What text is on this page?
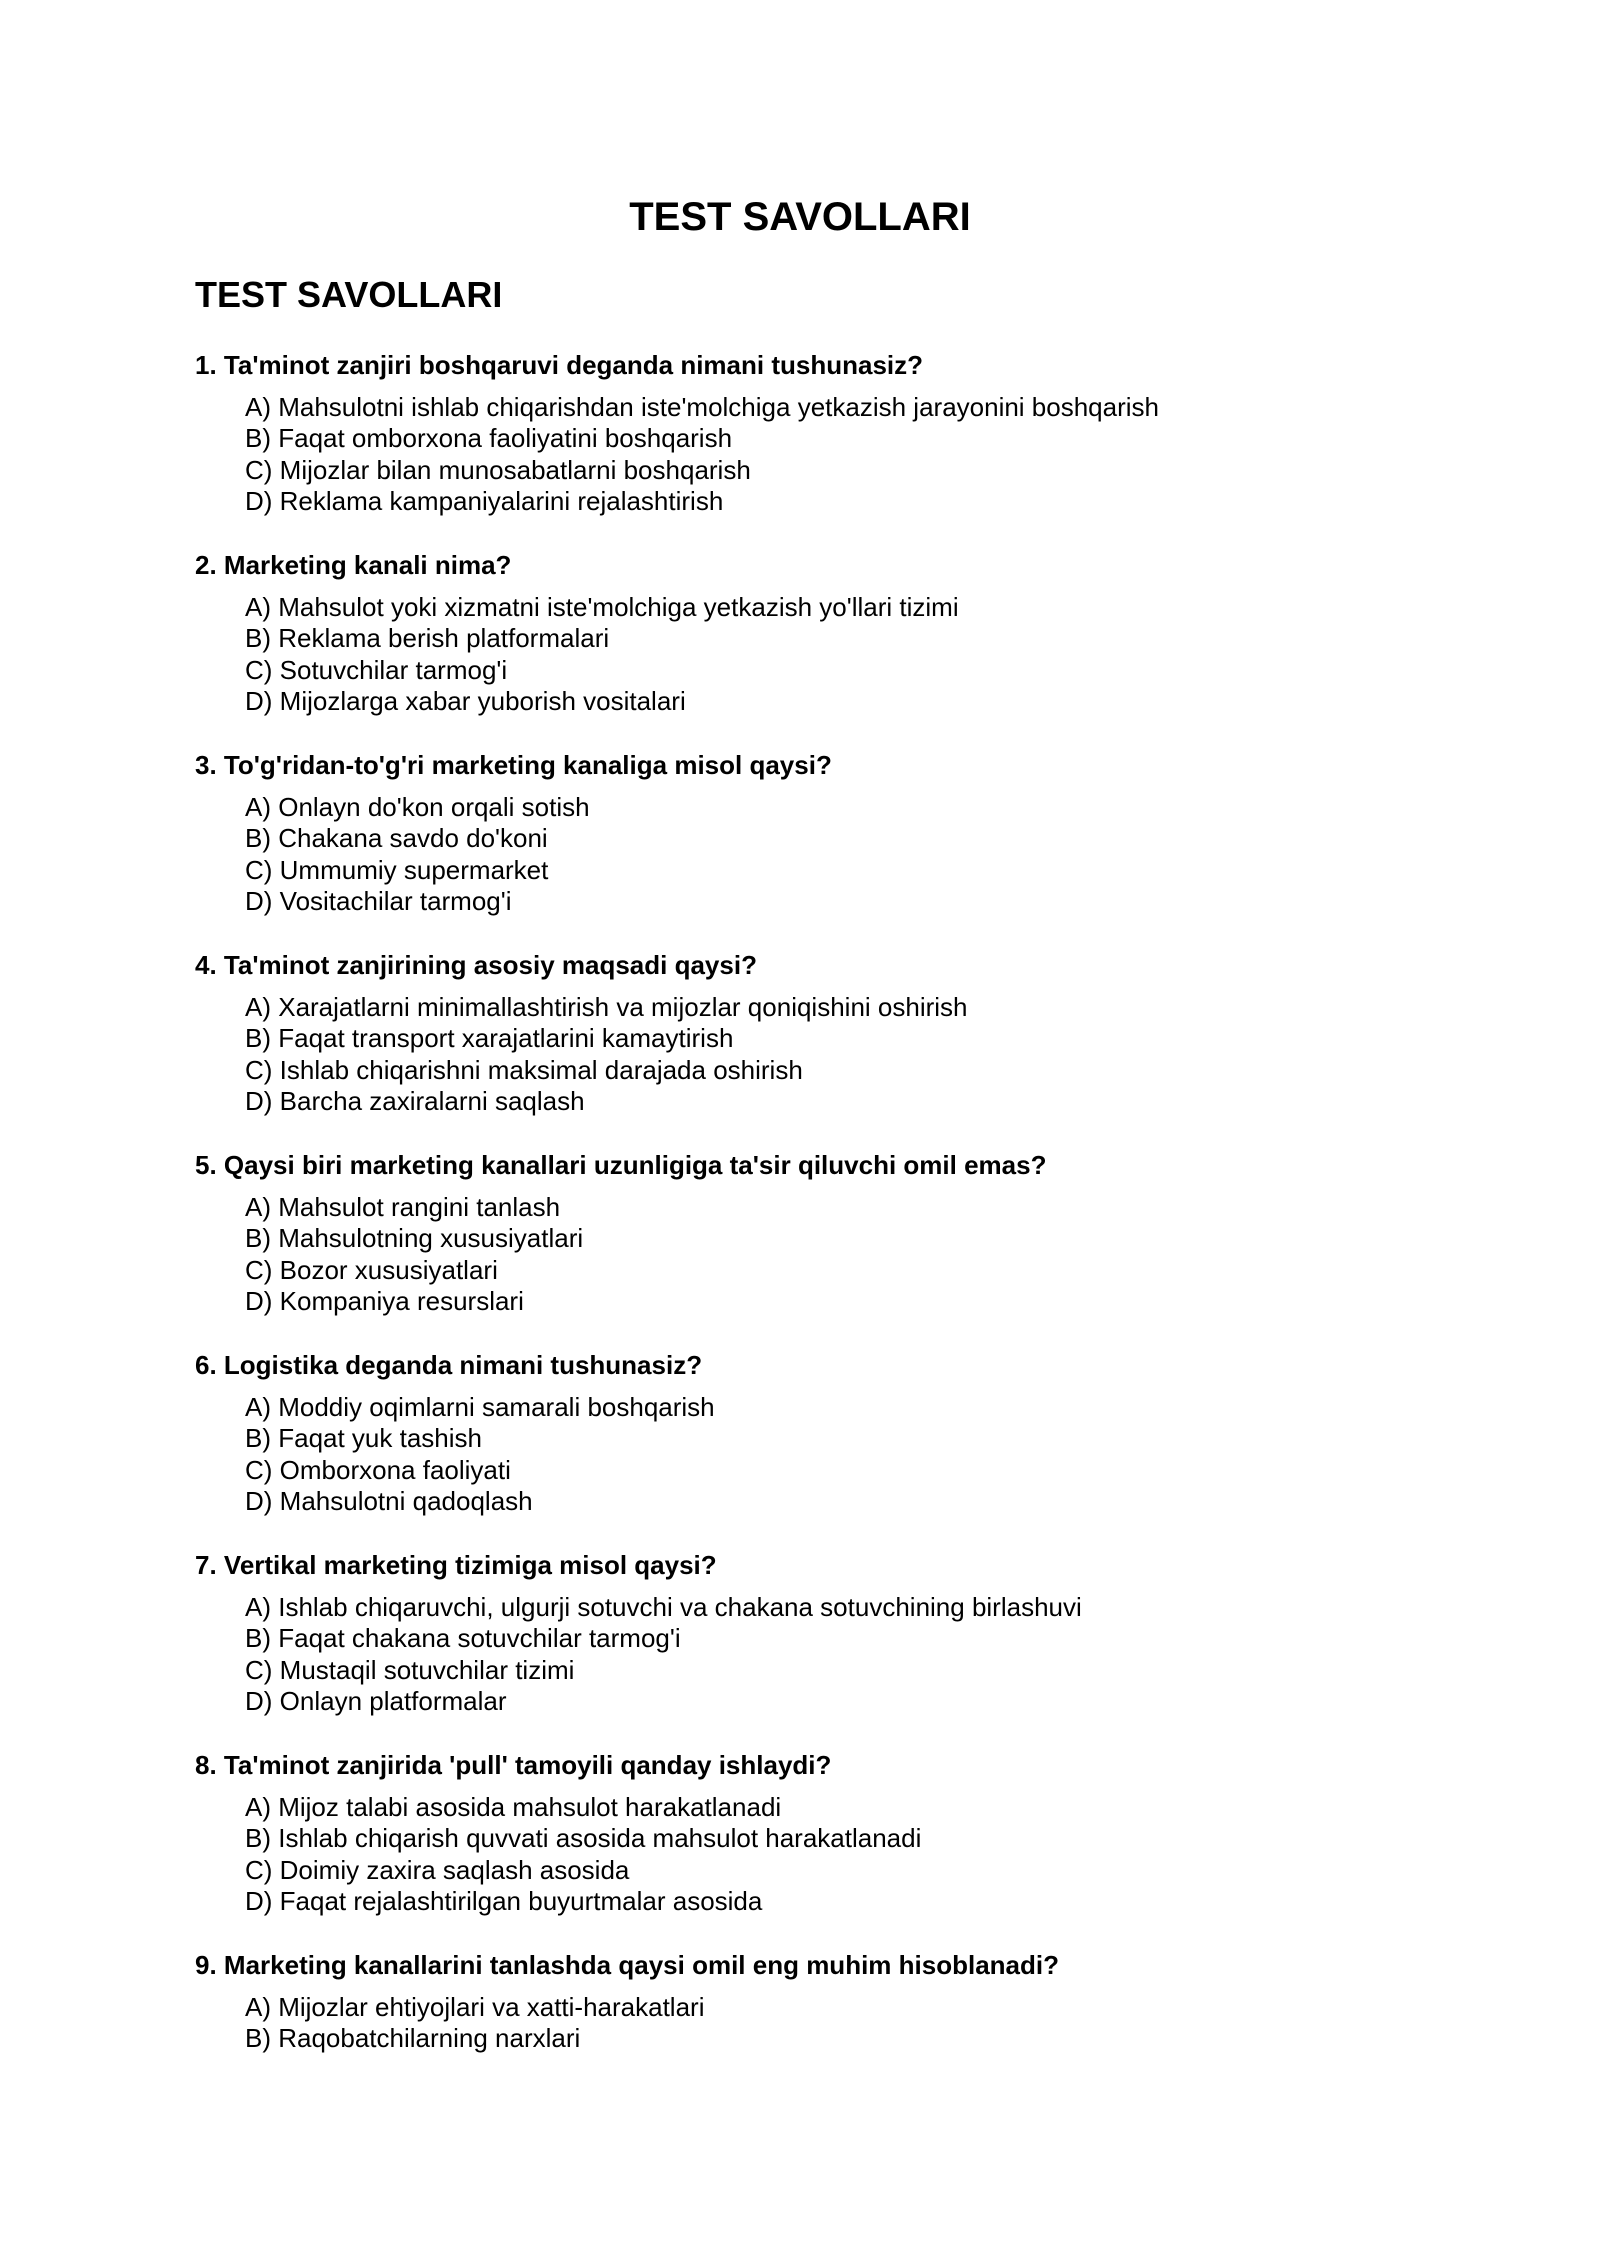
TEST SAVOLLARI
TEST SAVOLLARI
1. Ta'minot zanjiri boshqaruvi deganda nimani tushunasiz?
A) Mahsulotni ishlab chiqarishdan iste'molchiga yetkazish jarayonini boshqarish
B) Faqat omborxona faoliyatini boshqarish
C) Mijozlar bilan munosabatlarni boshqarish
D) Reklama kampaniyalarini rejalashtirish
2. Marketing kanali nima?
A) Mahsulot yoki xizmatni iste'molchiga yetkazish yo'llari tizimi
B) Reklama berish platformalari
C) Sotuvchilar tarmog'i
D) Mijozlarga xabar yuborish vositalari
3. To'g'ridan-to'g'ri marketing kanaliga misol qaysi?
A) Onlayn do'kon orqali sotish
B) Chakana savdo do'koni
C) Ummumiy supermarket
D) Vositachilar tarmog'i
4. Ta'minot zanjirining asosiy maqsadi qaysi?
A) Xarajatlarni minimallashtirish va mijozlar qoniqishini oshirish
B) Faqat transport xarajatlarini kamaytirish
C) Ishlab chiqarishni maksimal darajada oshirish
D) Barcha zaxiralarni saqlash
5. Qaysi biri marketing kanallari uzunligiga ta'sir qiluvchi omil emas?
A) Mahsulot rangini tanlash
B) Mahsulotning xususiyatlari
C) Bozor xususiyatlari
D) Kompaniya resurslari
6. Logistika deganda nimani tushunasiz?
A) Moddiy oqimlarni samarali boshqarish
B) Faqat yuk tashish
C) Omborxona faoliyati
D) Mahsulotni qadoqlash
7. Vertikal marketing tizimiga misol qaysi?
A) Ishlab chiqaruvchi, ulgurji sotuvchi va chakana sotuvchining birlashuvi
B) Faqat chakana sotuvchilar tarmog'i
C) Mustaqil sotuvchilar tizimi
D) Onlayn platformalar
8. Ta'minot zanjirida 'pull' tamoyili qanday ishlaydi?
A) Mijoz talabi asosida mahsulot harakatlanadi
B) Ishlab chiqarish quvvati asosida mahsulot harakatlanadi
C) Doimiy zaxira saqlash asosida
D) Faqat rejalashtirilgan buyurtmalar asosida
9. Marketing kanallarini tanlashda qaysi omil eng muhim hisoblanadi?
A) Mijozlar ehtiyojlari va xatti-harakatlari
B) Raqobatchilarning narxlari
